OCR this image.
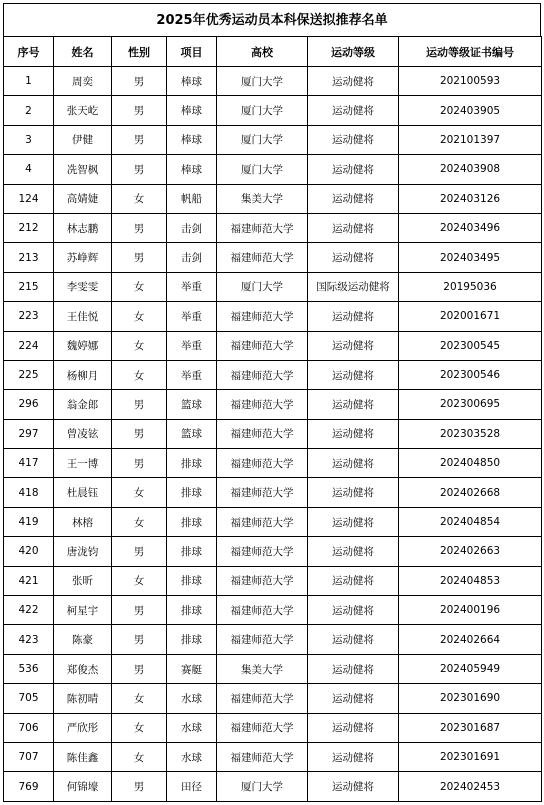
2025年优秀运动员本科保送拟推荐名单
序号	姓名	性别	项目	高校	运动等级	运动等级证书编号
1	周奕	男	棒球	厦门大学	运动健将	202100593
2	张天屹	男	棒球	厦门大学	运动健将	202403905
3	伊健	男	棒球	厦门大学	运动健将	202101397
4	冼智枫	男	棒球	厦门大学	运动健将	202403908
124	高婧婕	女	帆船	集美大学	运动健将	202403126
212	林志鹏	男	击剑	福建师范大学	运动健将	202403496
213	苏峥辉	男	击剑	福建师范大学	运动健将	202403495
215	李雯雯	女	举重	厦门大学	国际级运动健将	20195036
223	王佳悦	女	举重	福建师范大学	运动健将	202001671
224	魏婷娜	女	举重	福建师范大学	运动健将	202300545
225	杨柳月	女	举重	福建师范大学	运动健将	202300546
296	翁金郎	男	篮球	福建师范大学	运动健将	202300695
297	曾凌铉	男	篮球	福建师范大学	运动健将	202303528
417	王一博	男	排球	福建师范大学	运动健将	202404850
418	杜晨钰	女	排球	福建师范大学	运动健将	202402668
419	林榕	女	排球	福建师范大学	运动健将	202404854
420	唐泷钧	男	排球	福建师范大学	运动健将	202402663
421	张昕	女	排球	福建师范大学	运动健将	202404853
422	柯星宇	男	排球	福建师范大学	运动健将	202400196
423	陈豪	男	排球	福建师范大学	运动健将	202402664
536	郑俊杰	男	赛艇	集美大学	运动健将	202405949
705	陈初晴	女	水球	福建师范大学	运动健将	202301690
706	严欣彤	女	水球	福建师范大学	运动健将	202301687
707	陈佳鑫	女	水球	福建师范大学	运动健将	202301691
769	何锦壕	男	田径	厦门大学	运动健将	202402453
